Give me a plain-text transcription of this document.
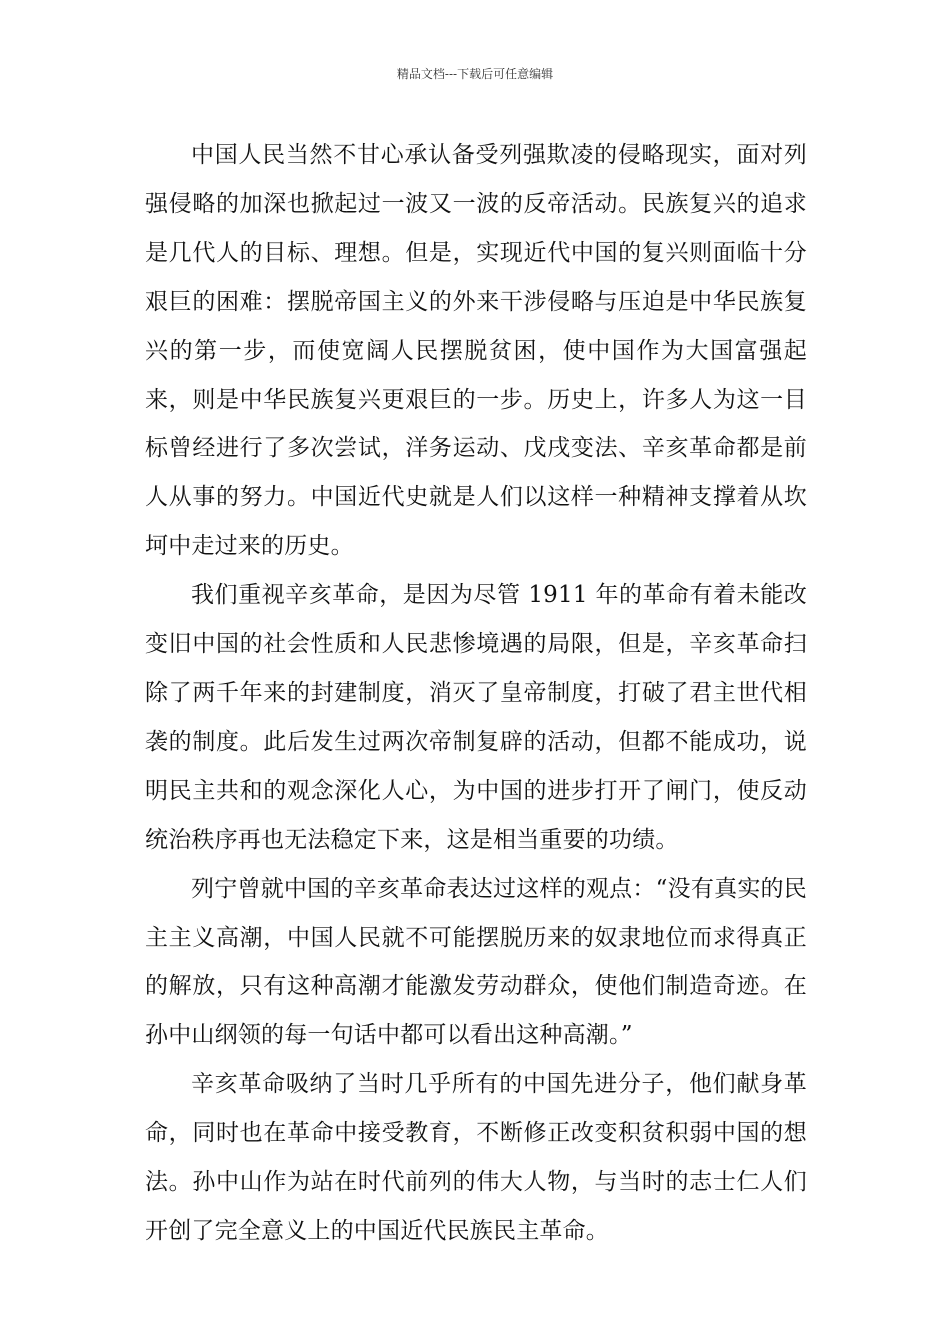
精品文档---下载后可任意编辑

中国人民当然不甘心承认备受列强欺凌的侵略现实，面对列强侵略的加深也掀起过一波又一波的反帝活动。民族复兴的追求是几代人的目标、理想。但是，实现近代中国的复兴则面临十分艰巨的困难：摆脱帝国主义的外来干涉侵略与压迫是中华民族复兴的第一步，而使宽阔人民摆脱贫困，使中国作为大国富强起来，则是中华民族复兴更艰巨的一步。历史上，许多人为这一目标曾经进行了多次尝试，洋务运动、戊戌变法、辛亥革命都是前人从事的努力。中国近代史就是人们以这样一种精神支撑着从坎坷中走过来的历史。

我们重视辛亥革命，是因为尽管 1911 年的革命有着未能改变旧中国的社会性质和人民悲惨境遇的局限，但是，辛亥革命扫除了两千年来的封建制度，消灭了皇帝制度，打破了君主世代相袭的制度。此后发生过两次帝制复辟的活动，但都不能成功，说明民主共和的观念深化人心，为中国的进步打开了闸门，使反动统治秩序再也无法稳定下来，这是相当重要的功绩。

列宁曾就中国的辛亥革命表达过这样的观点：“没有真实的民主主义高潮，中国人民就不可能摆脱历来的奴隶地位而求得真正的解放，只有这种高潮才能激发劳动群众，使他们制造奇迹。在孙中山纲领的每一句话中都可以看出这种高潮。”

辛亥革命吸纳了当时几乎所有的中国先进分子，他们献身革命，同时也在革命中接受教育，不断修正改变积贫积弱中国的想法。孙中山作为站在时代前列的伟大人物，与当时的志士仁人们开创了完全意义上的中国近代民族民主革命。
